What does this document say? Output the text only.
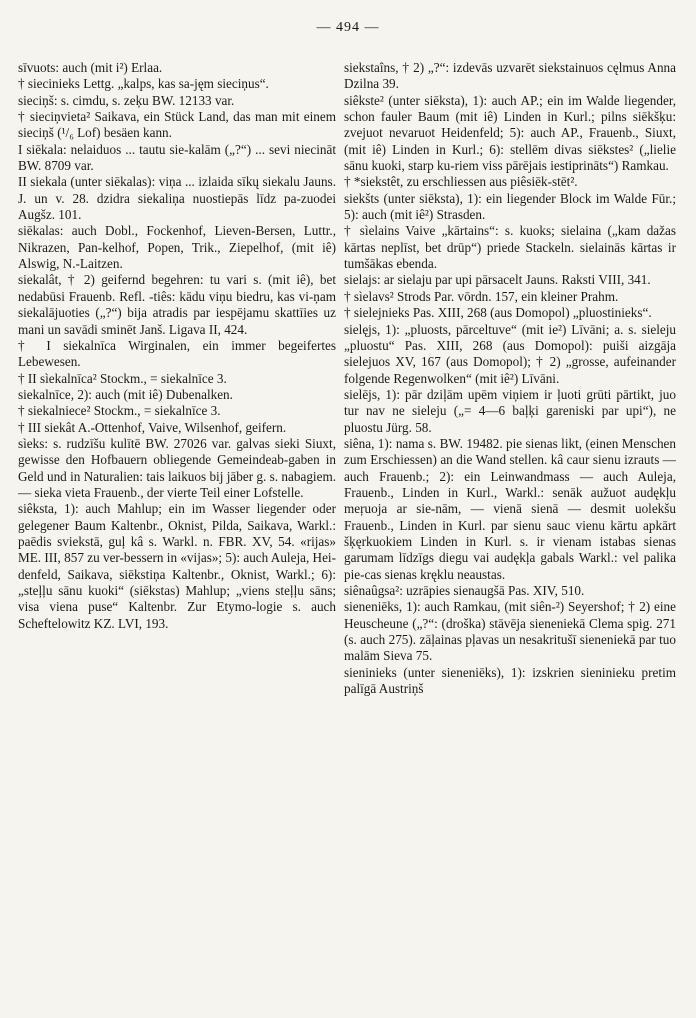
— 494 —

sīvuots: auch (mit i²) Erlaa.

† siecinieks Lettg. „kalps, kas sa-jęm sieciņus“.

sieciņš: s. cimdu, s. zeķu BW. 12133 var.

† sieciņvieta² Saikava, ein Stück Land, das man mit einem sieciņš (¹/₆ Lof) besäen kann.

I siēkala: nelaiduos ... tautu sie-kalām („?“) ... sevi niecināt BW. 8709 var.

II siekala (unter siēkalas): viņa ... izlaida sīkų siekalu Jauns. J. un v. 28. dzidra siekaliņa nuostiepās līdz pa-zuodei Augšz. 101.

siēkalas: auch Dobl., Fockenhof, Lieven-Bersen, Luttr., Nikrazen, Pan-kelhof, Popen, Trik., Ziepelhof, (mit iê) Alswig, N.-Laitzen.

siekalât, † 2) geifernd begehren: tu vari s. (mit iê), bet nedabūsi Frauenb. Refl. -tiês: kādu viņu biedru, kas vi-ņam siekalājuoties („?“) bija atradis par iespējamu skattīies uz mani un savādi sminēt Janš. Ligava II, 424.

† I siekalnīca Wirginalen, ein immer begeifertes Lebewesen.

† II sìekalnīca² Stockm., = siekalnīce 3.

siekalnīce, 2): auch (mit iê) Dubenalken.

† siekalniece² Stockm., = siekalnīce 3.

† III siekât A.-Ottenhof, Vaive, Wilsenhof, geifern.

sìeks: s. rudzīšu kulītē BW. 27026 var. galvas sieki Siuxt, gewisse den Hofbauern obliegende Gemeindeab-gaben in Geld und in Naturalien: tais laikuos bij jāber g. s. nabagiem. — sieka vieta Frauenb., der vierte Teil einer Lofstelle.

siêksta, 1): auch Mahlup; ein im Wasser liegender oder gelegener Baum Kaltenbr., Oknist, Pilda, Saikava, Warkl.: paēdis sviekstā, guļ kâ s. Warkl. n. FBR. XV, 54. «rijas» ME. III, 857 zu ver-bessern in «vijas»; 5): auch Auleja, Hei-denfeld, Saikava, siēkstiņa Kaltenbr., Oknist, Warkl.; 6): „steļļu sānu kuoki“ (siēkstas) Mahlup; „viens steļļu sāns; visa viena puse“ Kaltenbr. Zur Etymo-logie s. auch Scheftelowitz KZ. LVI, 193.

siekstaîns, † 2) „?“: izdevās uzvarēt siekstainuos cęlmus Anna Dzilna 39.

siêkste² (unter siēksta), 1): auch AP.; ein im Walde liegender, schon fauler Baum (mit iê) Linden in Kurl.; pilns siēkšķu: zvejuot nevaruot Heidenfeld; 5): auch AP., Frauenb., Siuxt, (mit iê) Linden in Kurl.; 6): stellēm divas siēkstes² („lielie sānu kuoki, starp ku-riem viss pārējais iestiprināts“) Ramkau.

† *siekstêt, zu erschliessen aus piêsiēk-stēt².

siekšts (unter siēksta), 1): ein liegender Block im Walde Fūr.; 5): auch (mit iê²) Strasden.

† sìelains Vaive „kārtains“: s. kuoks; sielaina („kam dažas kārtas neplīst, bet drūp“) priede Stackeln. sielainās kārtas ir tumšākas ebenda.

sielajs: ar sielaju par upi pārsacelt Jauns. Raksti VIII, 341.

† sìelavs² Strods Par. vōrdn. 157, ein kleiner Prahm.

† sielejnieks Pas. XIII, 268 (aus Domopol) „pluostinieks“.

sielęjs, 1): „pluosts, pārceltuve“ (mit ie²) Līvāni; a. s. sieleju „pluostu“ Pas. XIII, 268 (aus Domopol): puiši aizgāja sielejuos XV, 167 (aus Domopol); † 2) „grosse, aufeinander folgende Regenwolken“ (mit iê²) Līvāni.

sielējs, 1): pār dziļām upēm viņiem ir ļuoti grūti pārtikt, juo tur nav ne sieleju („= 4—6 baļķi gareniski par upi“), ne pluostu Jürg. 58.

siêna, 1): nama s. BW. 19482. pie sienas likt, (einen Menschen zum Erschiessen) an die Wand stellen. kâ caur sienu izrauts — auch Frauenb.; 2): ein Leinwandmass — auch Auleja, Frauenb., Linden in Kurl., Warkl.: senāk aužuot audękļu meŗuoja ar sie-nām, — vienā sienā — desmit uolekšu Frauenb., Linden in Kurl. par sienu sauc vienu kārtu apkārt šķęrkuokiem Linden in Kurl. s. ir vienam istabas sienas garumam līdzīgs diegu vai audękļa gabals Warkl.: vel palika pie-cas sienas kręklu neaustas.

siênaûgsa²: uzrāpies sienaugšā Pas. XIV, 510.

sieneniēks, 1): auch Ramkau, (mit siên-²) Seyershof; † 2) eine Heuscheune („?“: (droška) stāvēja sieneniekā Clema spig. 271 (s. auch 275). zāļainas pļavas un nesakritušī sieneniekā par tuo malām Sieva 75.

sieninieks (unter sieneniēks), 1): izskrien sieninieku pretim palīgā Austriņš
